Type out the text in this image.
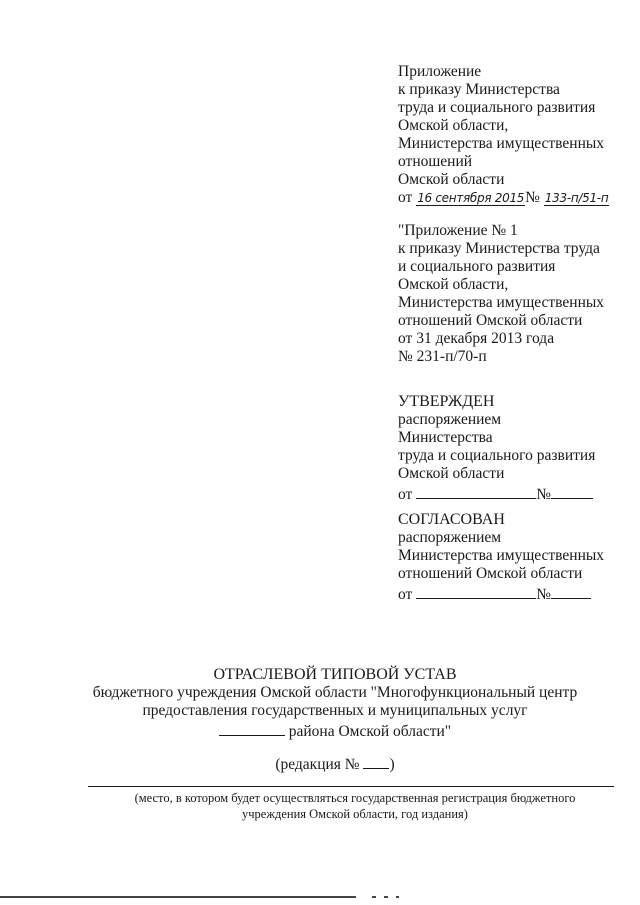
Приложение
к приказу Министерства
труда и социального развития
Омской области,
Министерства имущественных
отношений
Омской области
от 16 сентября 2015№ 133-п/51-п
"Приложение № 1
к приказу Министерства труда
и социального развития
Омской области,
Министерства имущественных
отношений Омской области
от 31 декабря 2013 года
№ 231-п/70-п
УТВЕРЖДЕН
распоряжением
Министерства
труда и социального развития
Омской области
от	№
СОГЛАСОВАН
распоряжением
Министерства имущественных
отношений Омской области
от	№
ОТРАСЛЕВОЙ ТИПОВОЙ УСТАВ
бюджетного учреждения Омской области "Многофункциональный центр
предоставления государственных и муниципальных услуг
района Омской области"
(редакция № )
(место, в котором будет осуществляться государственная регистрация бюджетного
учреждения Омской области, год издания)
